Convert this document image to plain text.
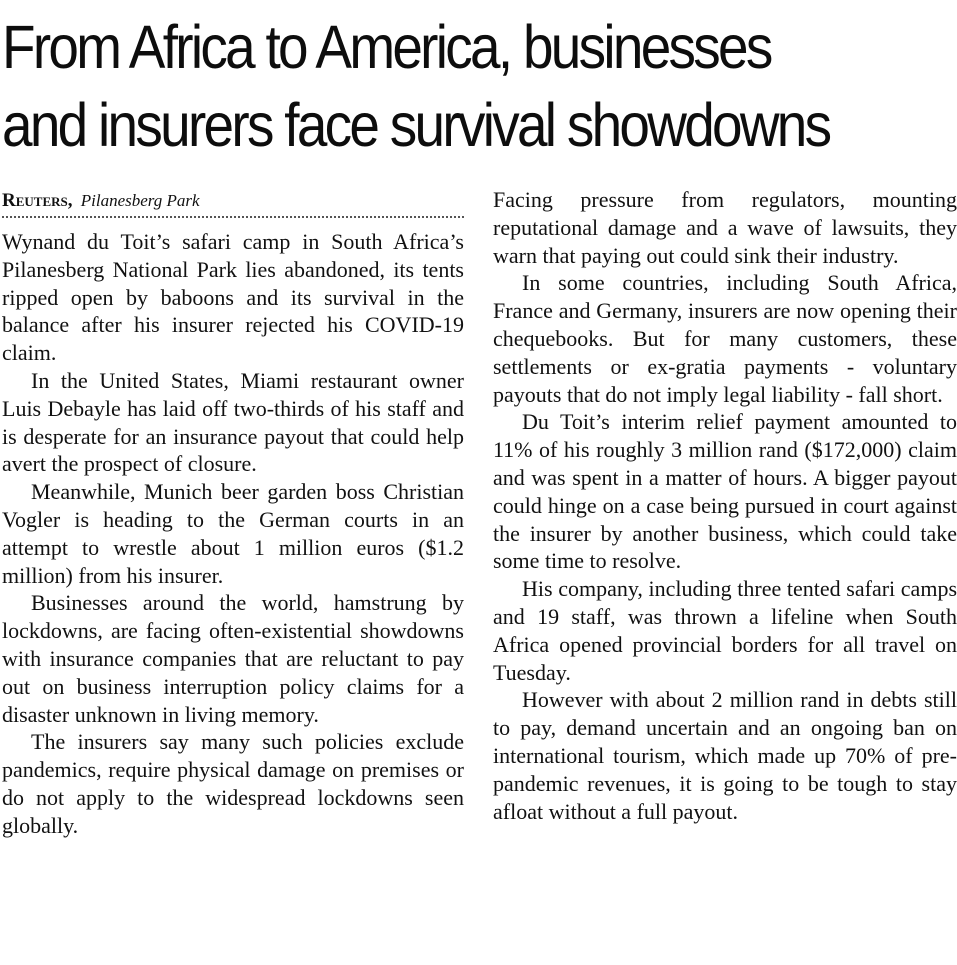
From Africa to America, businesses
and insurers face survival showdowns
Reuters, Pilanesberg Park

Wynand du Toit’s safari camp in South Africa’s Pilanesberg National Park lies abandoned, its tents ripped open by baboons and its survival in the balance after his insurer rejected his COVID-19 claim.

In the United States, Miami restaurant owner Luis Debayle has laid off two-thirds of his staff and is desperate for an insurance payout that could help avert the prospect of closure.

Meanwhile, Munich beer garden boss Christian Vogler is heading to the German courts in an attempt to wrestle about 1 million euros ($1.2 million) from his insurer.

Businesses around the world, hamstrung by lockdowns, are facing often-existential showdowns with insurance companies that are reluctant to pay out on business interruption policy claims for a disaster unknown in living memory.

The insurers say many such policies exclude pandemics, require physical damage on premises or do not apply to the widespread lockdowns seen globally.

Facing pressure from regulators, mounting reputational damage and a wave of lawsuits, they warn that paying out could sink their industry.

In some countries, including South Africa, France and Germany, insurers are now opening their chequebooks. But for many customers, these settlements or ex-gratia payments - voluntary payouts that do not imply legal liability - fall short.

Du Toit’s interim relief payment amounted to 11% of his roughly 3 million rand ($172,000) claim and was spent in a matter of hours. A bigger payout could hinge on a case being pursued in court against the insurer by another business, which could take some time to resolve.

His company, including three tented safari camps and 19 staff, was thrown a lifeline when South Africa opened provincial borders for all travel on Tuesday.

However with about 2 million rand in debts still to pay, demand uncertain and an ongoing ban on international tourism, which made up 70% of pre-pandemic revenues, it is going to be tough to stay afloat without a full payout.
